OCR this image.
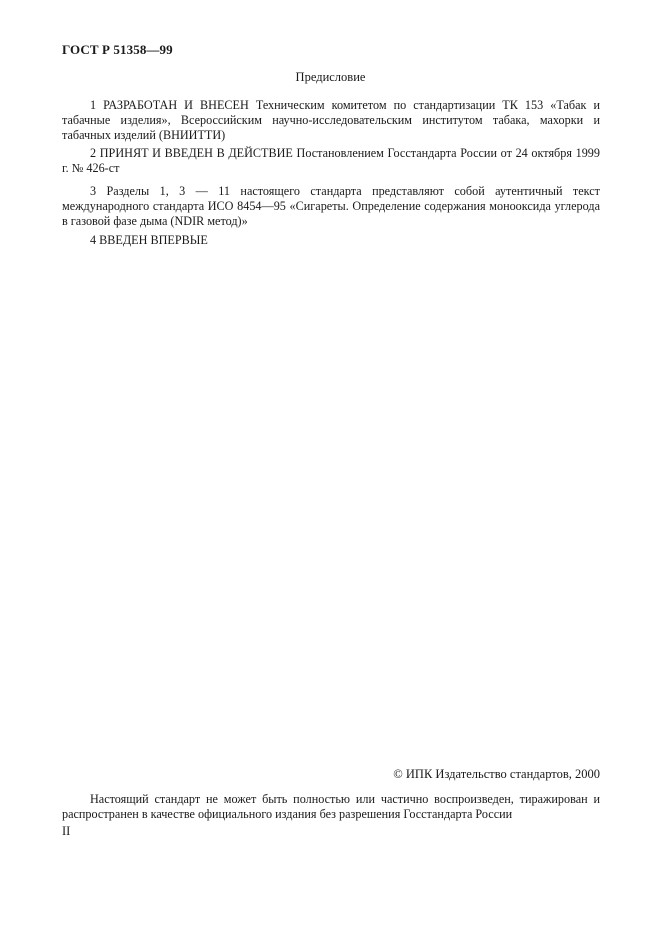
ГОСТ Р 51358—99
Предисловие
1 РАЗРАБОТАН И ВНЕСЕН Техническим комитетом по стандартизации ТК 153 «Табак и табачные изделия», Всероссийским научно-исследовательским институтом табака, махорки и табачных изделий (ВНИИТТИ)
2 ПРИНЯТ И ВВЕДЕН В ДЕЙСТВИЕ Постановлением Госстандарта России от 24 октября 1999 г. № 426-ст
3 Разделы 1, 3 — 11 настоящего стандарта представляют собой аутентичный текст международного стандарта ИСО 8454—95 «Сигареты. Определение содержания монооксида углерода в газовой фазе дыма (NDIR метод)»
4 ВВЕДЕН ВПЕРВЫЕ
© ИПК Издательство стандартов, 2000
Настоящий стандарт не может быть полностью или частично воспроизведен, тиражирован и распространен в качестве официального издания без разрешения Госстандарта России
II
